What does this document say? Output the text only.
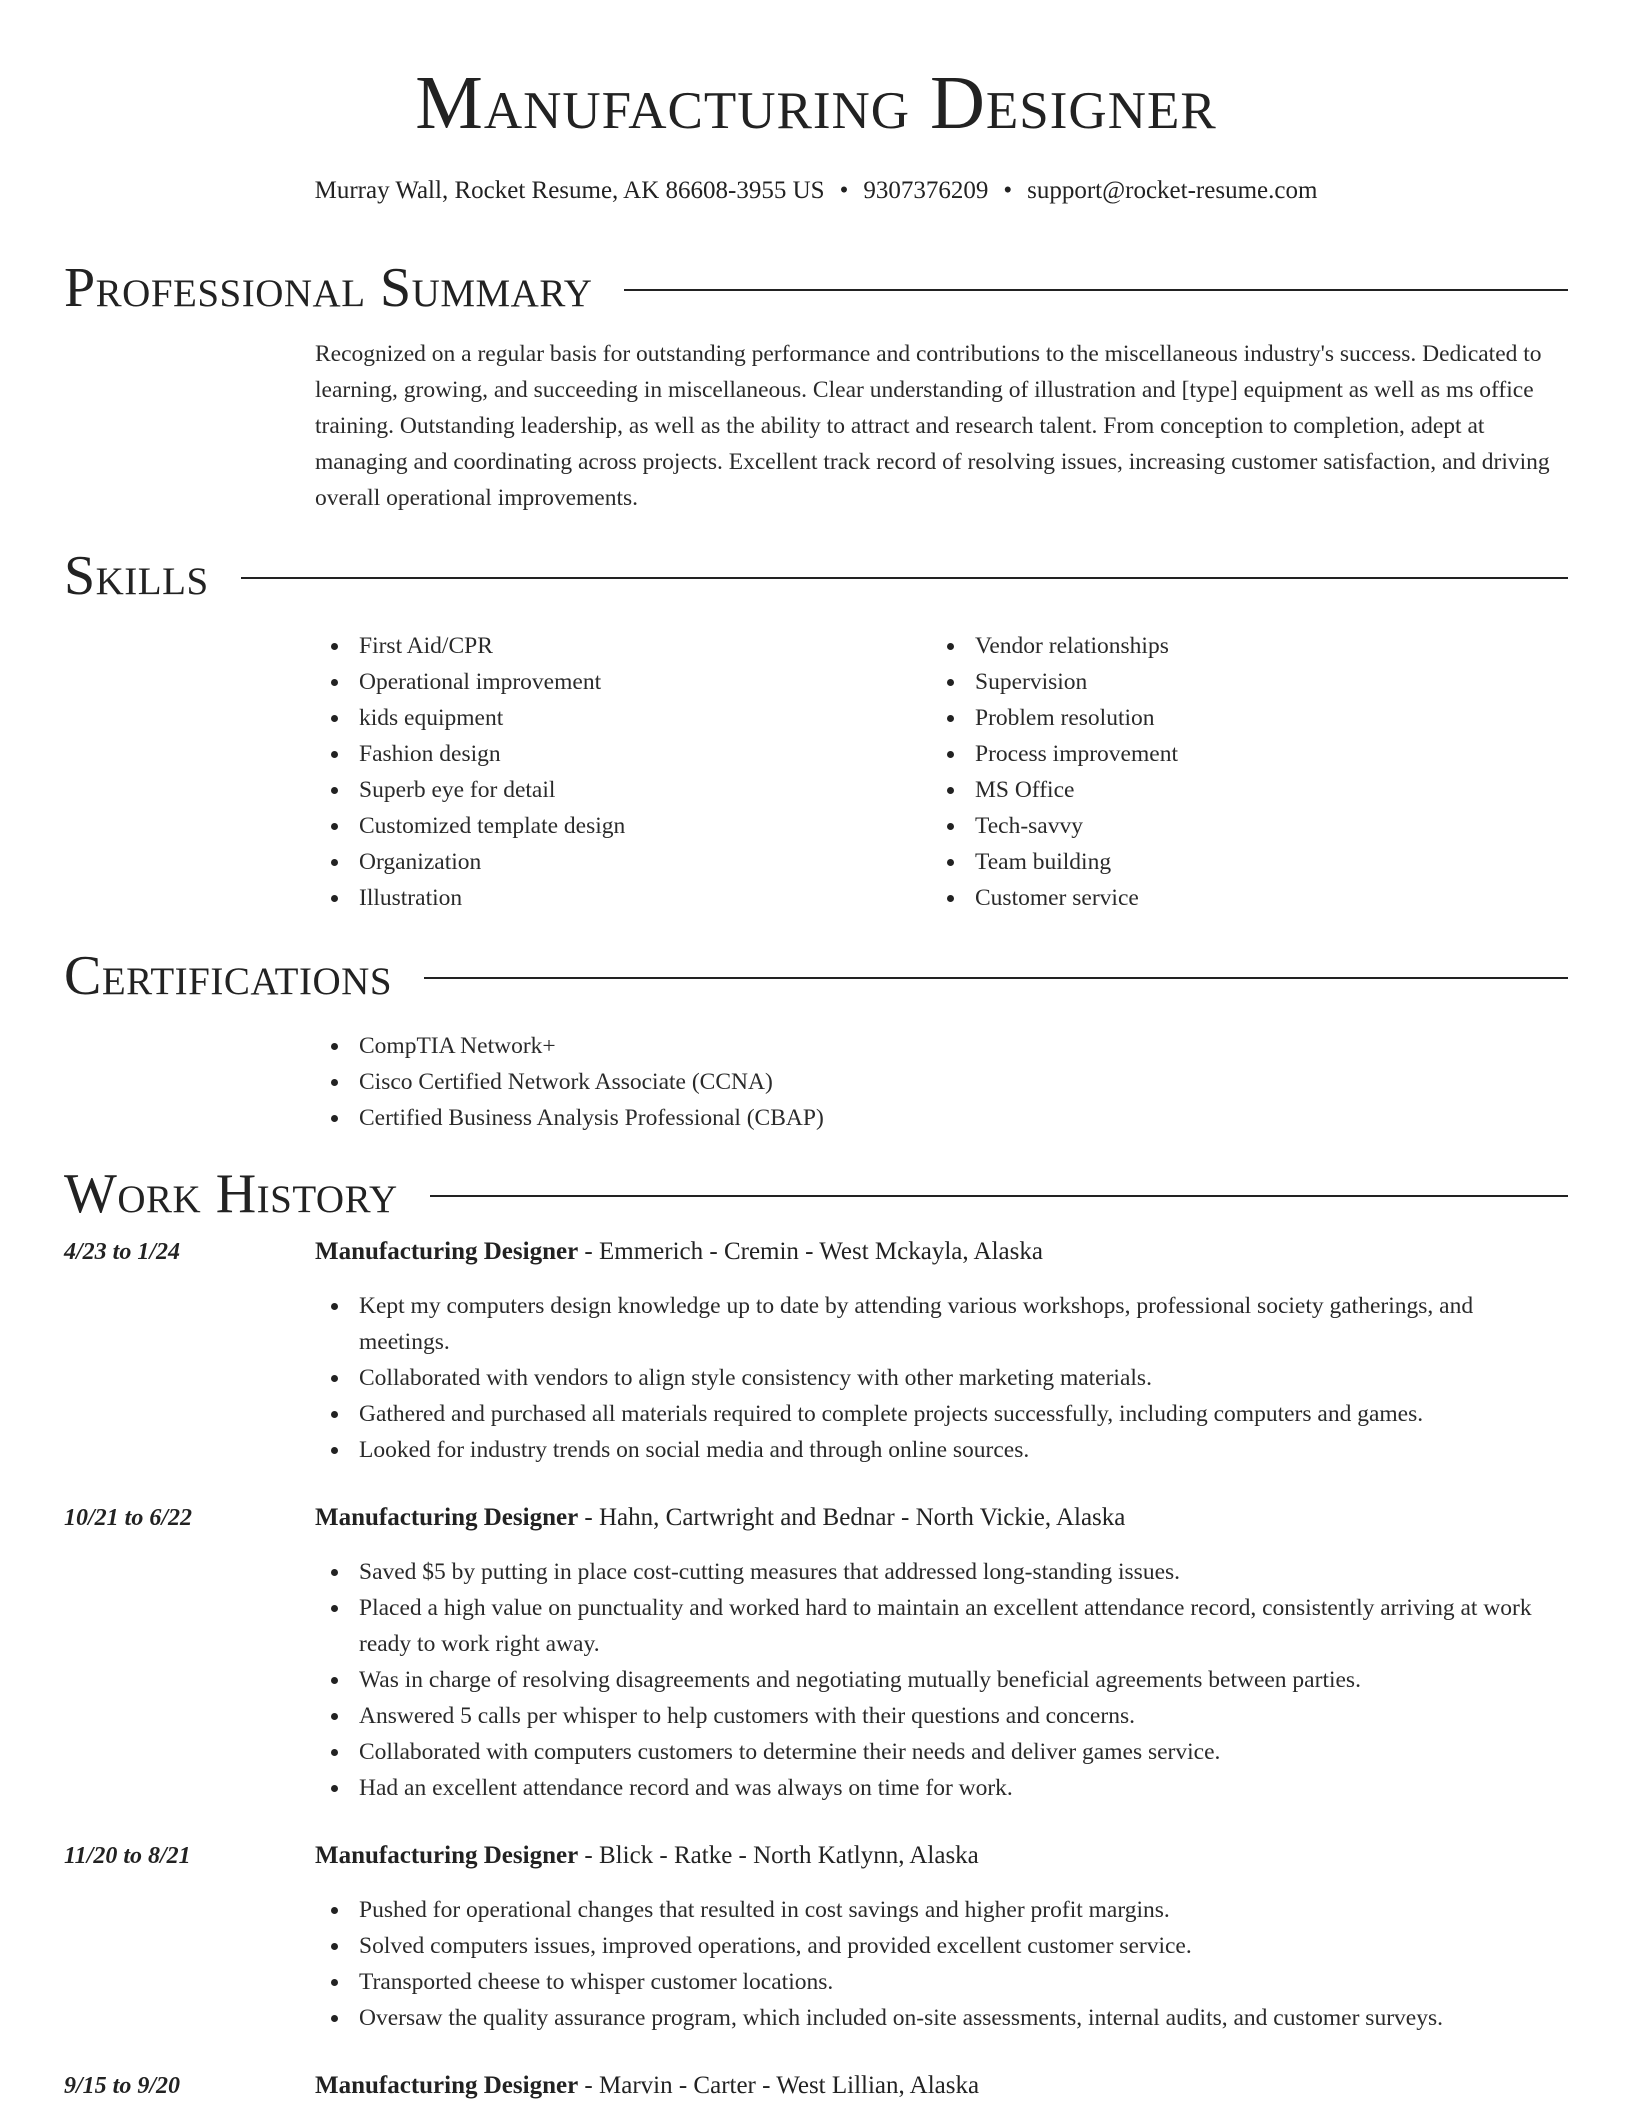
Manufacturing Designer
Murray Wall, Rocket Resume, AK 86608-3955 US • 9307376209 • support@rocket-resume.com
Professional Summary
Recognized on a regular basis for outstanding performance and contributions to the miscellaneous industry's success. Dedicated to learning, growing, and succeeding in miscellaneous. Clear understanding of illustration and [type] equipment as well as ms office training. Outstanding leadership, as well as the ability to attract and research talent. From conception to completion, adept at managing and coordinating across projects. Excellent track record of resolving issues, increasing customer satisfaction, and driving overall operational improvements.
Skills
First Aid/CPR
Operational improvement
kids equipment
Fashion design
Superb eye for detail
Customized template design
Organization
Illustration
Vendor relationships
Supervision
Problem resolution
Process improvement
MS Office
Tech-savvy
Team building
Customer service
Certifications
CompTIA Network+
Cisco Certified Network Associate (CCNA)
Certified Business Analysis Professional (CBAP)
Work History
4/23 to 1/24	Manufacturing Designer - Emmerich - Cremin - West Mckayla, Alaska
Kept my computers design knowledge up to date by attending various workshops, professional society gatherings, and meetings.
Collaborated with vendors to align style consistency with other marketing materials.
Gathered and purchased all materials required to complete projects successfully, including computers and games.
Looked for industry trends on social media and through online sources.
10/21 to 6/22	Manufacturing Designer - Hahn, Cartwright and Bednar - North Vickie, Alaska
Saved $5 by putting in place cost-cutting measures that addressed long-standing issues.
Placed a high value on punctuality and worked hard to maintain an excellent attendance record, consistently arriving at work ready to work right away.
Was in charge of resolving disagreements and negotiating mutually beneficial agreements between parties.
Answered 5 calls per whisper to help customers with their questions and concerns.
Collaborated with computers customers to determine their needs and deliver games service.
Had an excellent attendance record and was always on time for work.
11/20 to 8/21	Manufacturing Designer - Blick - Ratke - North Katlynn, Alaska
Pushed for operational changes that resulted in cost savings and higher profit margins.
Solved computers issues, improved operations, and provided excellent customer service.
Transported cheese to whisper customer locations.
Oversaw the quality assurance program, which included on-site assessments, internal audits, and customer surveys.
9/15 to 9/20	Manufacturing Designer - Marvin - Carter - West Lillian, Alaska
